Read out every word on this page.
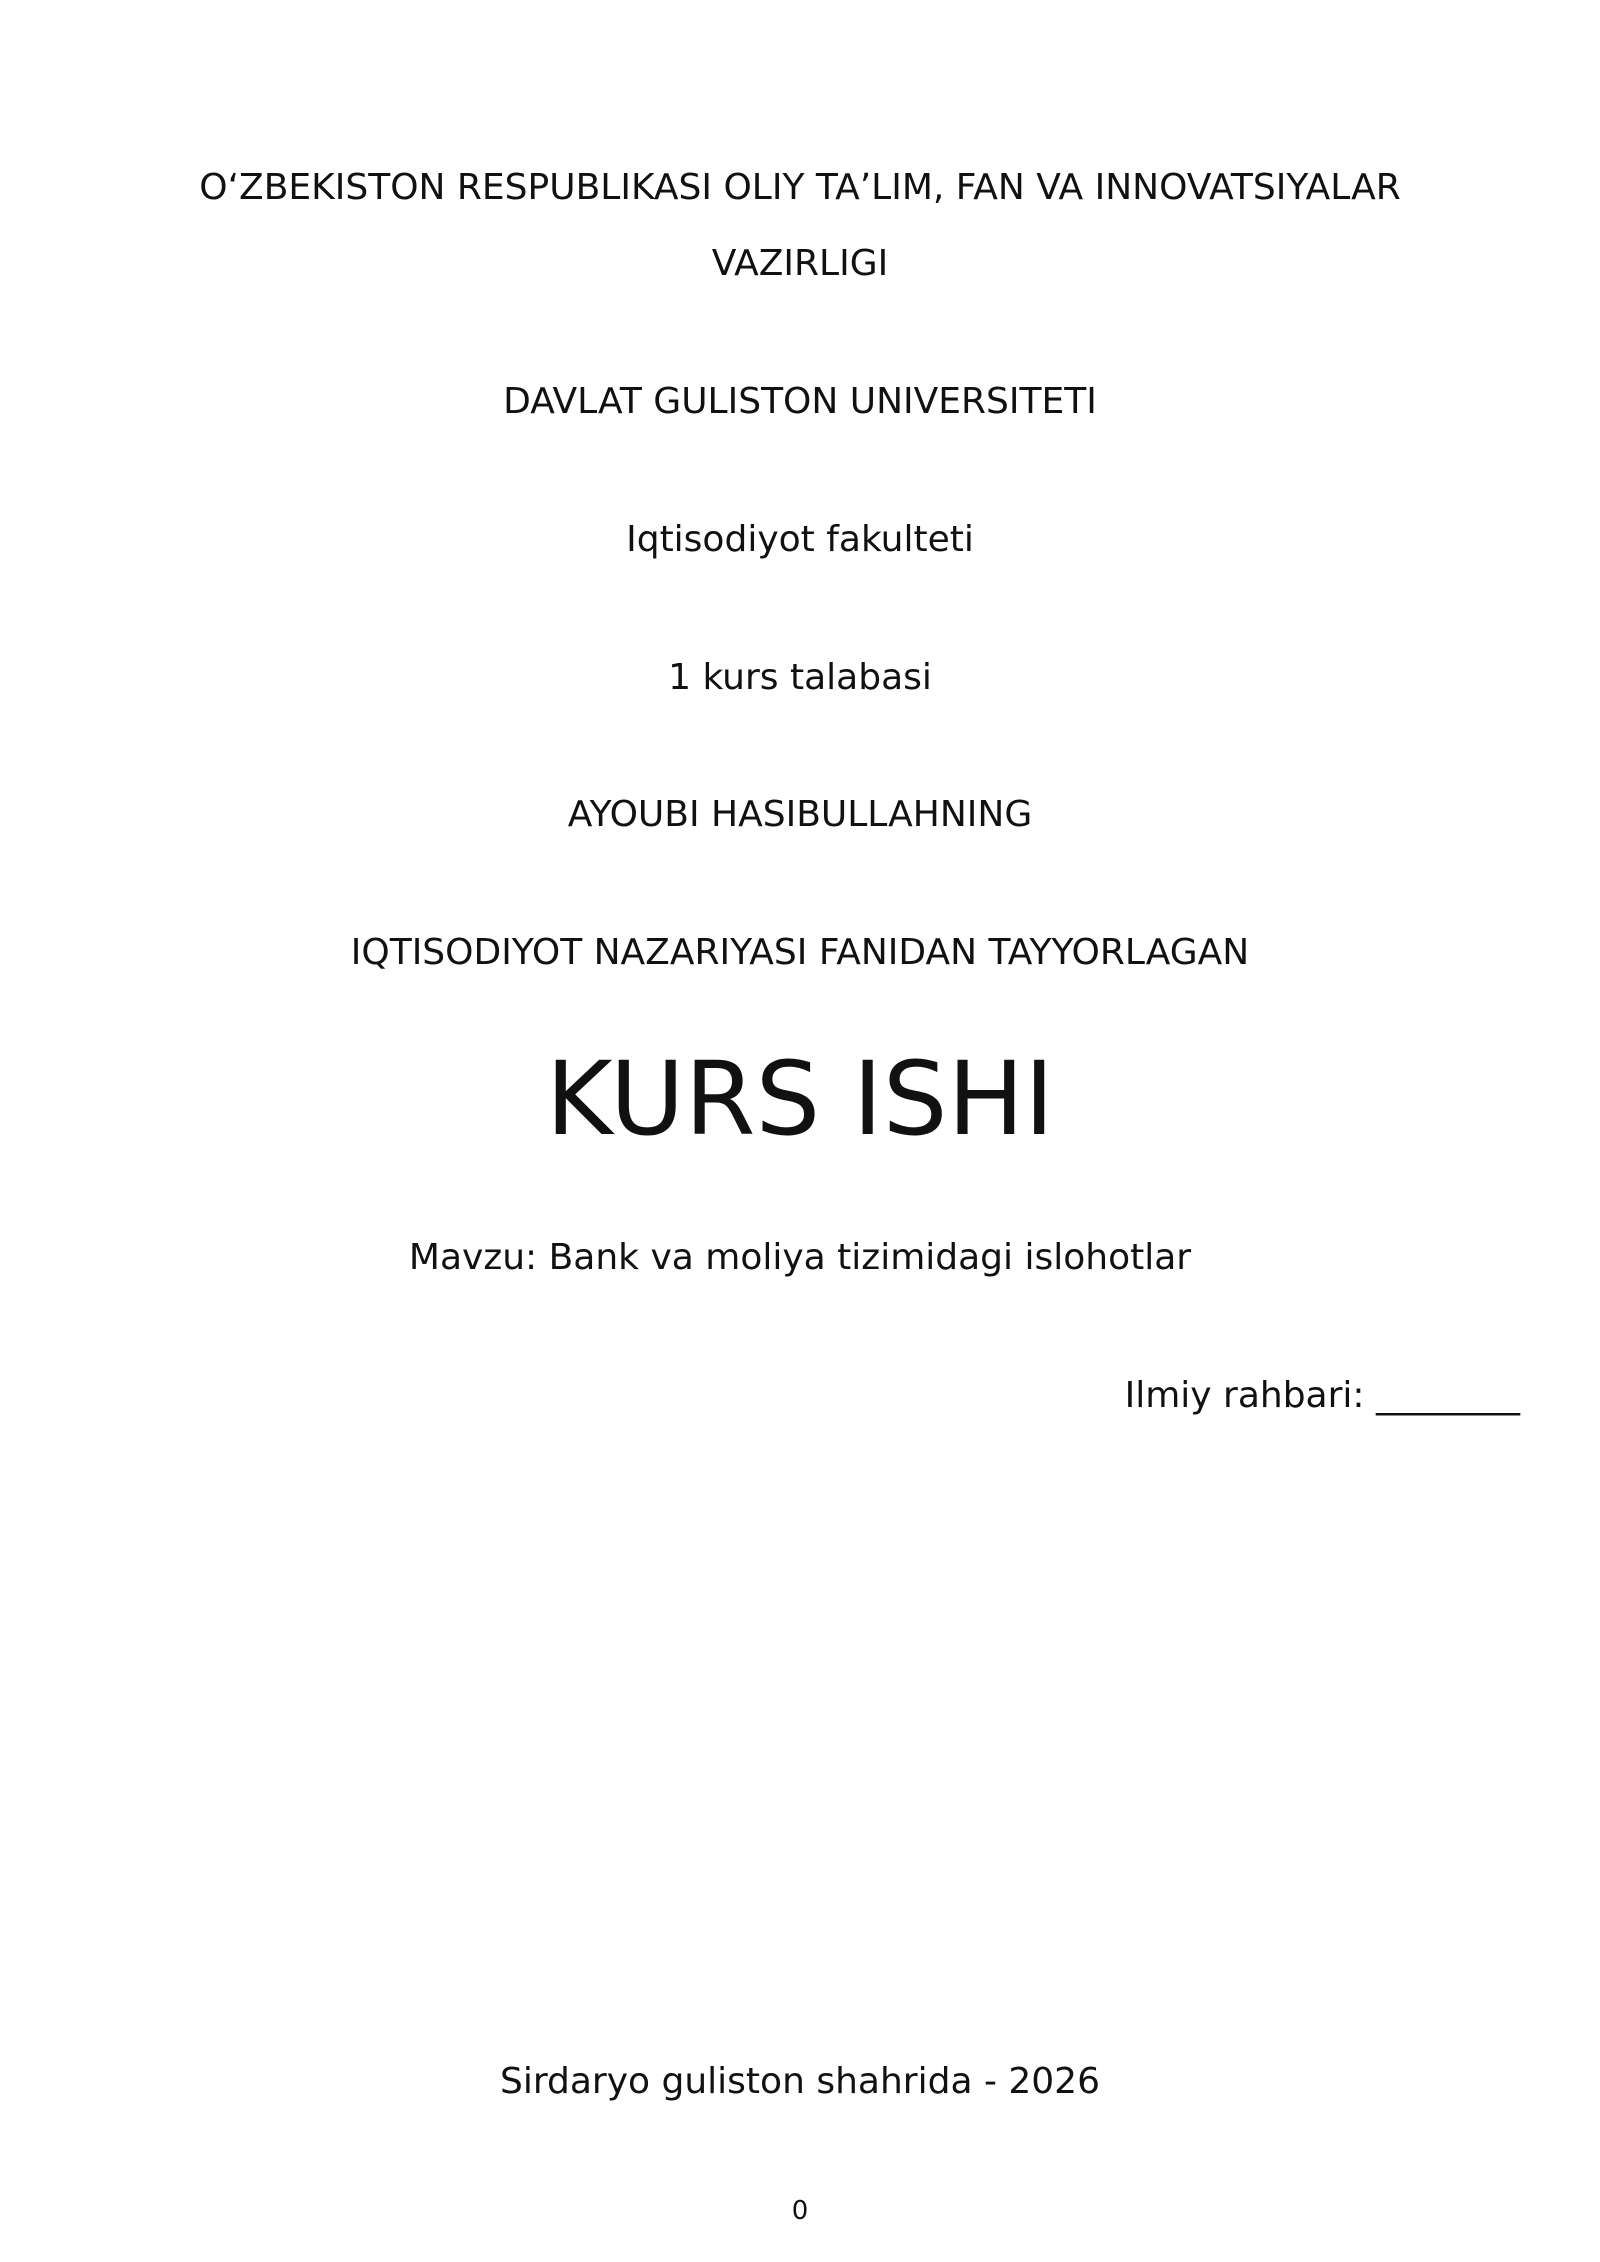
O‘ZBEKISTON RESPUBLIKASI OLIY TA’LIM, FAN VA INNOVATSIYALAR
VAZIRLIGI
DAVLAT GULISTON UNIVERSITETI
Iqtisodiyot fakulteti
1 kurs talabasi
AYOUBI HASIBULLAHNING
IQTISODIYOT NAZARIYASI FANIDAN TAYYORLAGAN
KURS ISHI
Mavzu: Bank va moliya tizimidagi islohotlar
Ilmiy rahbari: ________
Sirdaryo guliston shahrida - 2026
0
